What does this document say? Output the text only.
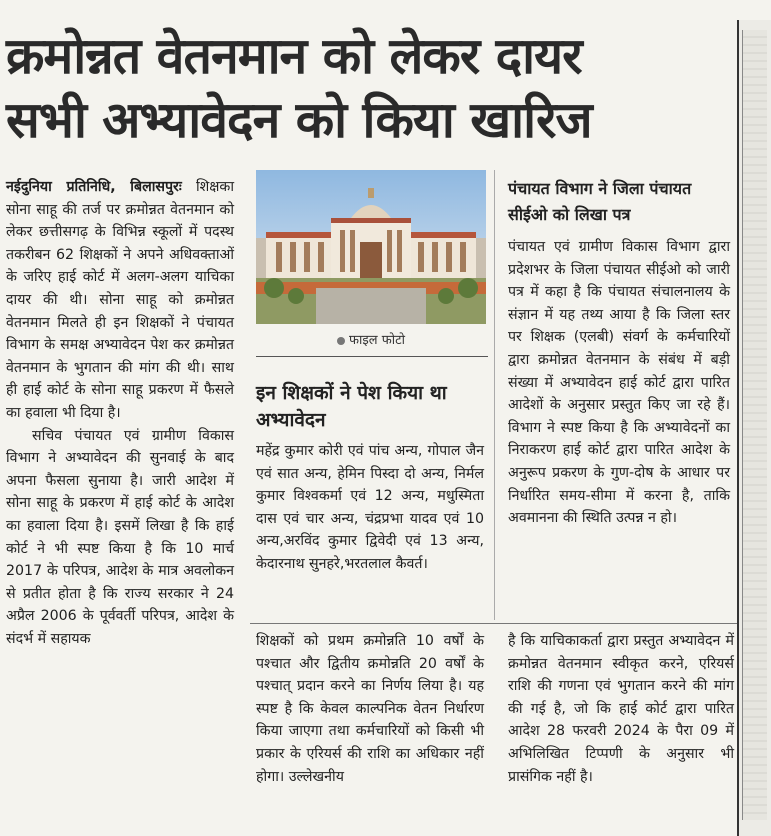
क्रमोन्नत वेतनमान को लेकर दायर
सभी अभ्यावेदन को किया खारिज

नईदुनिया प्रतिनिधि, बिलासपुरः शिक्षका सोना साहू की तर्ज पर क्रमोन्नत वेतनमान को लेकर छत्तीसगढ़ के विभिन्न स्कूलों में पदस्थ तकरीबन 62 शिक्षकों ने अपने अधिवक्ताओं के जरिए हाई कोर्ट में अलग-अलग याचिका दायर की थी। सोना साहू को क्रमोन्नत वेतनमान मिलते ही इन शिक्षकों ने पंचायत विभाग के समक्ष अभ्यावेदन पेश कर क्रमोन्नत वेतनमान के भुगतान की मांग की थी। साथ ही हाई कोर्ट के सोना साहू प्रकरण में फैसले का हवाला भी दिया है।

सचिव पंचायत एवं ग्रामीण विकास विभाग ने अभ्यावेदन की सुनवाई के बाद अपना फैसला सुनाया है। जारी आदेश में सोना साहू के प्रकरण में हाई कोर्ट के आदेश का हवाला दिया है। इसमें लिखा है कि हाई कोर्ट ने भी स्पष्ट किया है कि 10 मार्च 2017 के परिपत्र, आदेश के मात्र अवलोकन से प्रतीत होता है कि राज्य सरकार ने 24 अप्रैल 2006 के पूर्ववर्ती परिपत्र, आदेश के संदर्भ में सहायक

फाइल फोटो
इन शिक्षकों ने पेश किया था अभ्यावेदन

महेंद्र कुमार कोरी एवं पांच अन्य, गोपाल जैन एवं सात अन्य, हेमिन पिस्दा दो अन्य, निर्मल कुमार विश्वकर्मा एवं 12 अन्य, मधुस्मिता दास एवं चार अन्य, चंद्रप्रभा यादव एवं 10 अन्य,अरविंद कुमार द्विवेदी एवं 13 अन्य, केदारनाथ सुनहरे,भरतलाल कैवर्त।

पंचायत विभाग ने जिला पंचायत सीईओ को लिखा पत्र

पंचायत एवं ग्रामीण विकास विभाग द्वारा प्रदेशभर के जिला पंचायत सीईओ को जारी पत्र में कहा है कि पंचायत संचालनालय के संज्ञान में यह तथ्य आया है कि जिला स्तर पर शिक्षक (एलबी) संवर्ग के कर्मचारियों द्वारा क्रमोन्नत वेतनमान के संबंध में बड़ी संख्या में अभ्यावेदन हाई कोर्ट द्वारा पारित आदेशों के अनुसार प्रस्तुत किए जा रहे हैं। विभाग ने स्पष्ट किया है कि अभ्यावेदनों का निराकरण हाई कोर्ट द्वारा पारित आदेश के अनुरूप प्रकरण के गुण-दोष के आधार पर निर्धारित समय-सीमा में करना है, ताकि अवमानना की स्थिति उत्पन्न न हो।

शिक्षकों को प्रथम क्रमोन्नति 10 वर्षों के पश्चात और द्वितीय क्रमोन्नति 20 वर्षों के पश्चात् प्रदान करने का निर्णय लिया है। यह स्पष्ट है कि केवल काल्पनिक वेतन निर्धारण किया जाएगा तथा कर्मचारियों को किसी भी प्रकार के एरियर्स की राशि का अधिकार नहीं होगा। उल्लेखनीय

है कि याचिकाकर्ता द्वारा प्रस्तुत अभ्यावेदन में क्रमोन्नत वेतनमान स्वीकृत करने, एरियर्स राशि की गणना एवं भुगतान करने की मांग की गई है, जो कि हाई कोर्ट द्वारा पारित आदेश 28 फरवरी 2024 के पैरा 09 में अभिलिखित टिप्पणी के अनुसार भी प्रासंगिक नहीं है।
